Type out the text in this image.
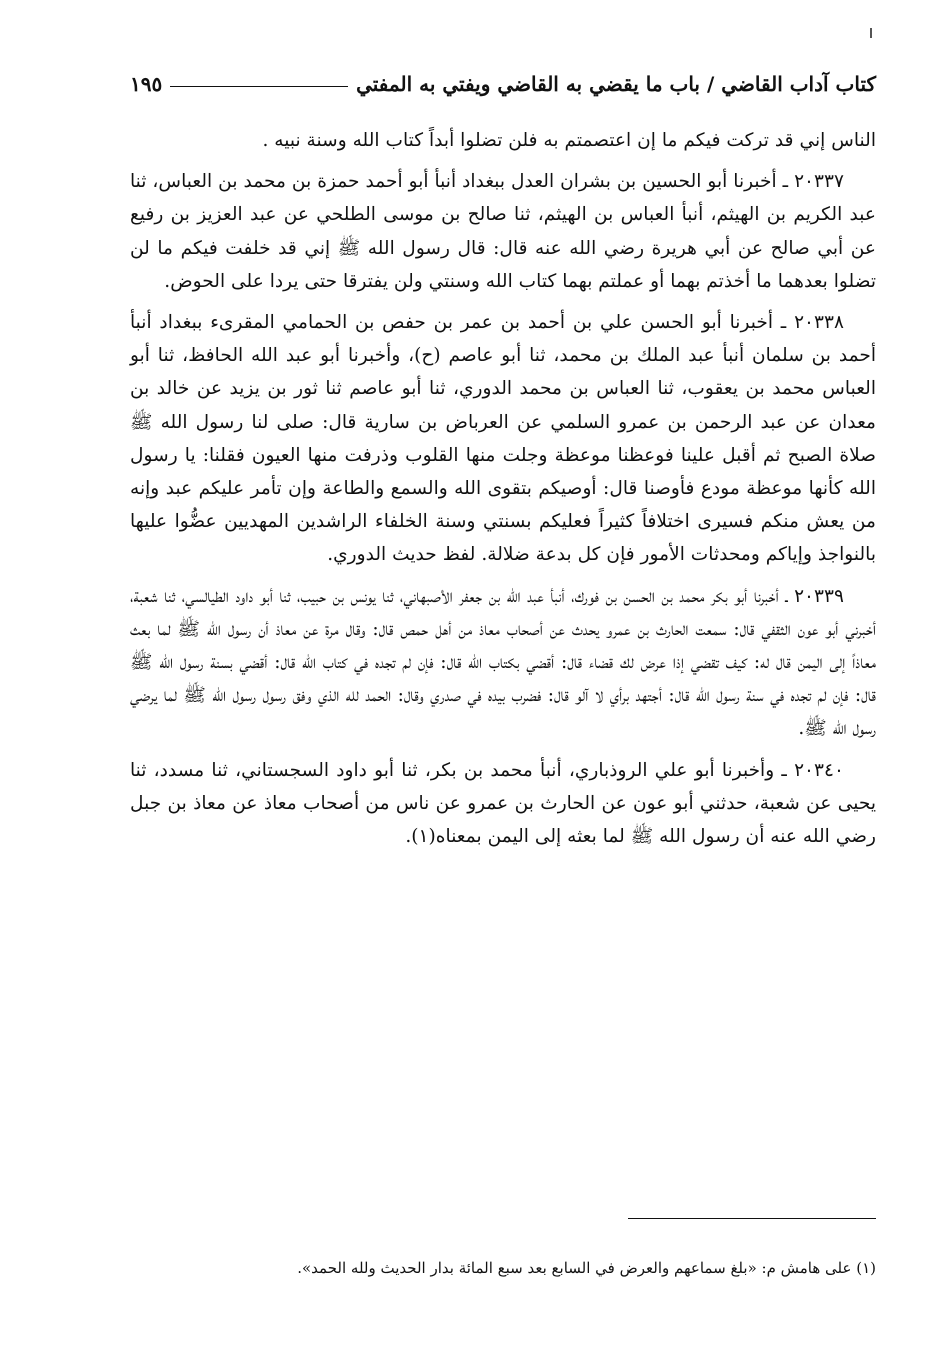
كتاب آداب القاضي / باب ما يقضي به القاضي ويفتي به المفتي
١٩٥

الناس إني قد تركت فيكم ما إن اعتصمتم به فلن تضلوا أبداً كتاب الله وسنة نبيه .

٢٠٣٣٧ ـ أخبرنا أبو الحسين بن بشران العدل ببغداد أنبأ أبو أحمد حمزة بن محمد بن العباس، ثنا عبد الكريم بن الهيثم، أنبأ العباس بن الهيثم، ثنا صالح بن موسى الطلحي عن عبد العزيز بن رفيع عن أبي صالح عن أبي هريرة رضي الله عنه قال: قال رسول الله ﷺ إني قد خلفت فيكم ما لن تضلوا بعدهما ما أخذتم بهما أو عملتم بهما كتاب الله وسنتي ولن يفترقا حتى يردا على الحوض.

٢٠٣٣٨ ـ أخبرنا أبو الحسن علي بن أحمد بن عمر بن حفص بن الحمامي المقرىء ببغداد أنبأ أحمد بن سلمان أنبأ عبد الملك بن محمد، ثنا أبو عاصم (ح)، وأخبرنا أبو عبد الله الحافظ، ثنا أبو العباس محمد بن يعقوب، ثنا العباس بن محمد الدوري، ثنا أبو عاصم ثنا ثور بن يزيد عن خالد بن معدان عن عبد الرحمن بن عمرو السلمي عن العرباض بن سارية قال: صلى لنا رسول الله ﷺ صلاة الصبح ثم أقبل علينا فوعظنا موعظة وجلت منها القلوب وذرفت منها العيون فقلنا: يا رسول الله كأنها موعظة مودع فأوصنا قال: أوصيكم بتقوى الله والسمع والطاعة وإن تأمر عليكم عبد وإنه من يعش منكم فسيرى اختلافاً كثيراً فعليكم بسنتي وسنة الخلفاء الراشدين المهديين عضُّوا عليها بالنواجذ وإياكم ومحدثات الأمور فإن كل بدعة ضلالة. لفظ حديث الدوري.

٢٠٣٣٩ ـ أخبرنا أبو بكر محمد بن الحسن بن فورك، أنبأ عبد الله بن جعفر الأصبهاني، ثنا يونس بن حبيب، ثنا أبو داود الطيالسي، ثنا شعبة، أخبرني أبو عون الثقفي قال: سمعت الحارث بن عمرو يحدث عن أصحاب معاذ من أهل حمص قال: وقال مرة عن معاذ أن رسول الله ﷺ لما بعث معاذاً إلى اليمن قال له: كيف تقضي إذا عرض لك قضاء قال: أقضي بكتاب الله قال: فإن لم تجده في كتاب الله قال: أقضي بسنة رسول الله ﷺ قال: فإن لم تجده في سنة رسول الله قال: أجتهد برأي لا آلو قال: فضرب بيده في صدري وقال: الحمد لله الذي وفق رسول رسول الله ﷺ لما يرضي رسول الله ﷺ.

٢٠٣٤٠ ـ وأخبرنا أبو علي الروذباري، أنبأ محمد بن بكر، ثنا أبو داود السجستاني، ثنا مسدد، ثنا يحيى عن شعبة، حدثني أبو عون عن الحارث بن عمرو عن ناس من أصحاب معاذ عن معاذ بن جبل رضي الله عنه أن رسول الله ﷺ لما بعثه إلى اليمن بمعناه(١).

(١) على هامش م: «بلغ سماعهم والعرض في السابع بعد سبع المائة بدار الحديث ولله الحمد».
